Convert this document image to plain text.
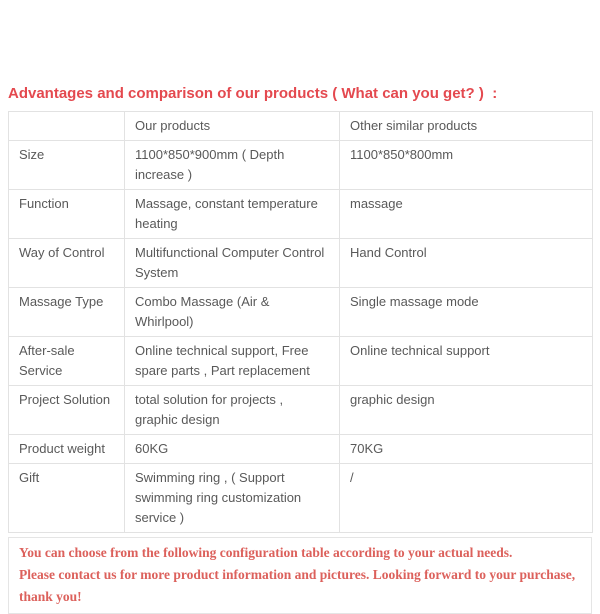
Advantages and comparison of our products ( What can you get? )  :
	Our products	Other similar products
Size	1100*850*900mm ( Depth increase )	1100*850*800mm
Function	Massage, constant temperature heating	massage
Way of Control	Multifunctional Computer Control System	Hand Control
Massage Type	Combo Massage (Air & Whirlpool)	Single massage mode
After-sale Service	Online technical support, Free spare parts , Part replacement	Online technical support
Project Solution	total solution for projects , graphic design	graphic design
Product weight	60KG	70KG
Gift	Swimming ring , ( Support swimming ring customization service )	/
You can choose from the following configuration table according to your actual needs.
Please contact us for more product information and pictures. Looking forward to your purchase,
thank you!
